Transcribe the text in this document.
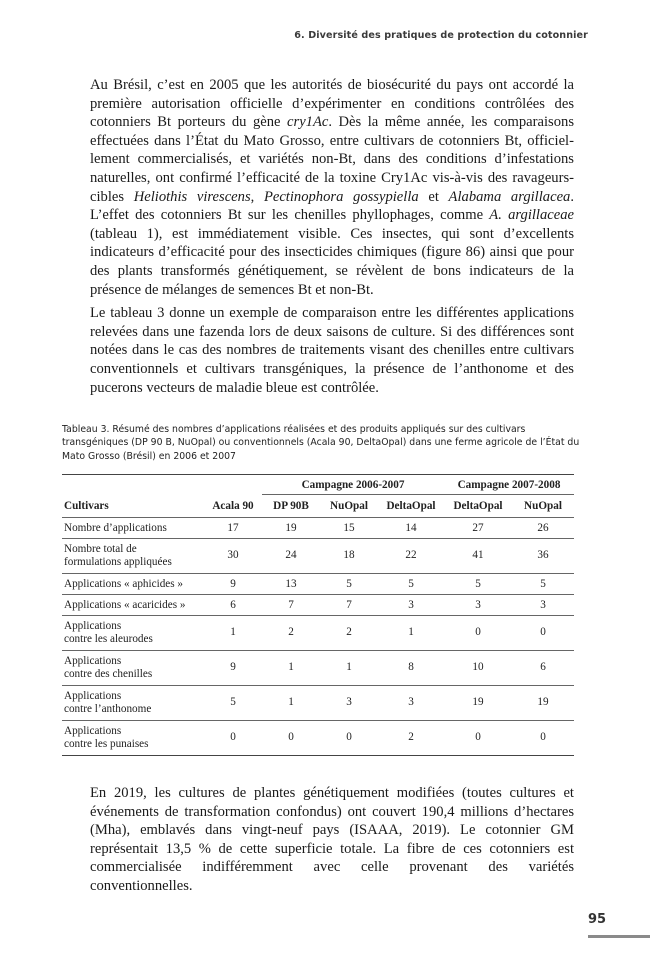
6. Diversité des pratiques de protection du cotonnier

Au Brésil, c’est en 2005 que les autorités de biosécurité du pays ont accordé la première autorisation officielle d’expérimenter en conditions contrôlées des cotonniers Bt porteurs du gène cry1Ac. Dès la même année, les comparaisons effectuées dans l’État du Mato Grosso, entre cultivars de cotonniers Bt, officiellement commercialisés, et variétés non-Bt, dans des conditions d’infestations naturelles, ont confirmé l’efficacité de la toxine Cry1Ac vis-à-vis des ravageurs-cibles Heliothis virescens, Pectinophora gossypiella et Alabama argillacea. L’effet des cotonniers Bt sur les chenilles phyllophages, comme A. argillaceae (tableau 1), est immédiatement visible. Ces insectes, qui sont d’excellents indicateurs d’efficacité pour des insecticides chimiques (figure 86) ainsi que pour des plants transformés génétiquement, se révèlent de bons indicateurs de la présence de mélanges de semences Bt et non-Bt.

Le tableau 3 donne un exemple de comparaison entre les différentes applications relevées dans une fazenda lors de deux saisons de culture. Si des différences sont notées dans le cas des nombres de traitements visant des chenilles entre cultivars conventionnels et cultivars transgéniques, la présence de l’anthonome et des pucerons vecteurs de maladie bleue est contrôlée.

Tableau 3. Résumé des nombres d’applications réalisées et des produits appliqués sur des cultivars transgéniques (DP 90 B, NuOpal) ou conventionnels (Acala 90, DeltaOpal) dans une ferme agricole de l’État du Mato Grosso (Brésil) en 2006 et 2007
		Campagne 2006-2007			Campagne 2007-2008	
Cultivars	Acala 90	DP 90B	NuOpal	DeltaOpal	DeltaOpal	NuOpal
Nombre d’applications	17	19	15	14	27	26
Nombre total de
formulations appliquées	30	24	18	22	41	36
Applications « aphicides »	9	13	5	5	5	5
Applications « acaricides »	6	7	7	3	3	3
Applications
contre les aleurodes	1	2	2	1	0	0
Applications
contre des chenilles	9	1	1	8	10	6
Applications
contre l’anthonome	5	1	3	3	19	19
Applications
contre les punaises	0	0	0	2	0	0

En 2019, les cultures de plantes génétiquement modifiées (toutes cultures et événements de transformation confondus) ont couvert 190,4 millions d’hectares (Mha), emblavés dans vingt-neuf pays (ISAAA, 2019). Le cotonnier GM représentait 13,5 % de cette superficie totale. La fibre de ces cotonniers est commercialisée indifféremment avec celle provenant des variétés conventionnelles.

95
